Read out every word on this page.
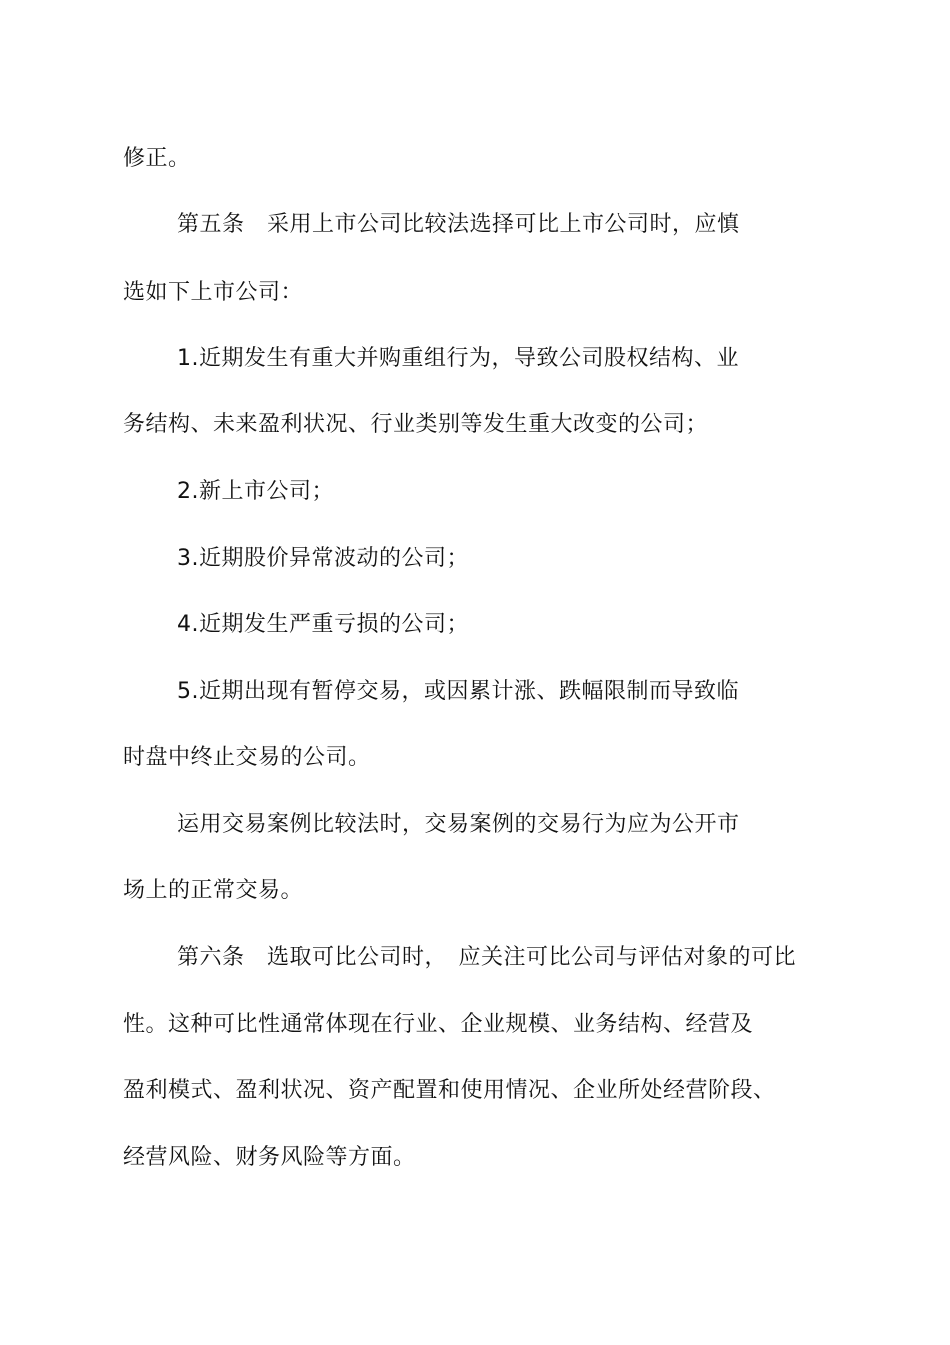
修正。
第五条　采用上市公司比较法选择可比上市公司时，应慎
选如下上市公司：
1.近期发生有重大并购重组行为，导致公司股权结构、业
务结构、未来盈利状况、行业类别等发生重大改变的公司；
2.新上市公司；
3.近期股价异常波动的公司；
4.近期发生严重亏损的公司；
5.近期出现有暂停交易，或因累计涨、跌幅限制而导致临
时盘中终止交易的公司。
运用交易案例比较法时，交易案例的交易行为应为公开市
场上的正常交易。
第六条　选取可比公司时，　应关注可比公司与评估对象的可比
性。这种可比性通常体现在行业、企业规模、业务结构、经营及
盈利模式、盈利状况、资产配置和使用情况、企业所处经营阶段、
经营风险、财务风险等方面。
